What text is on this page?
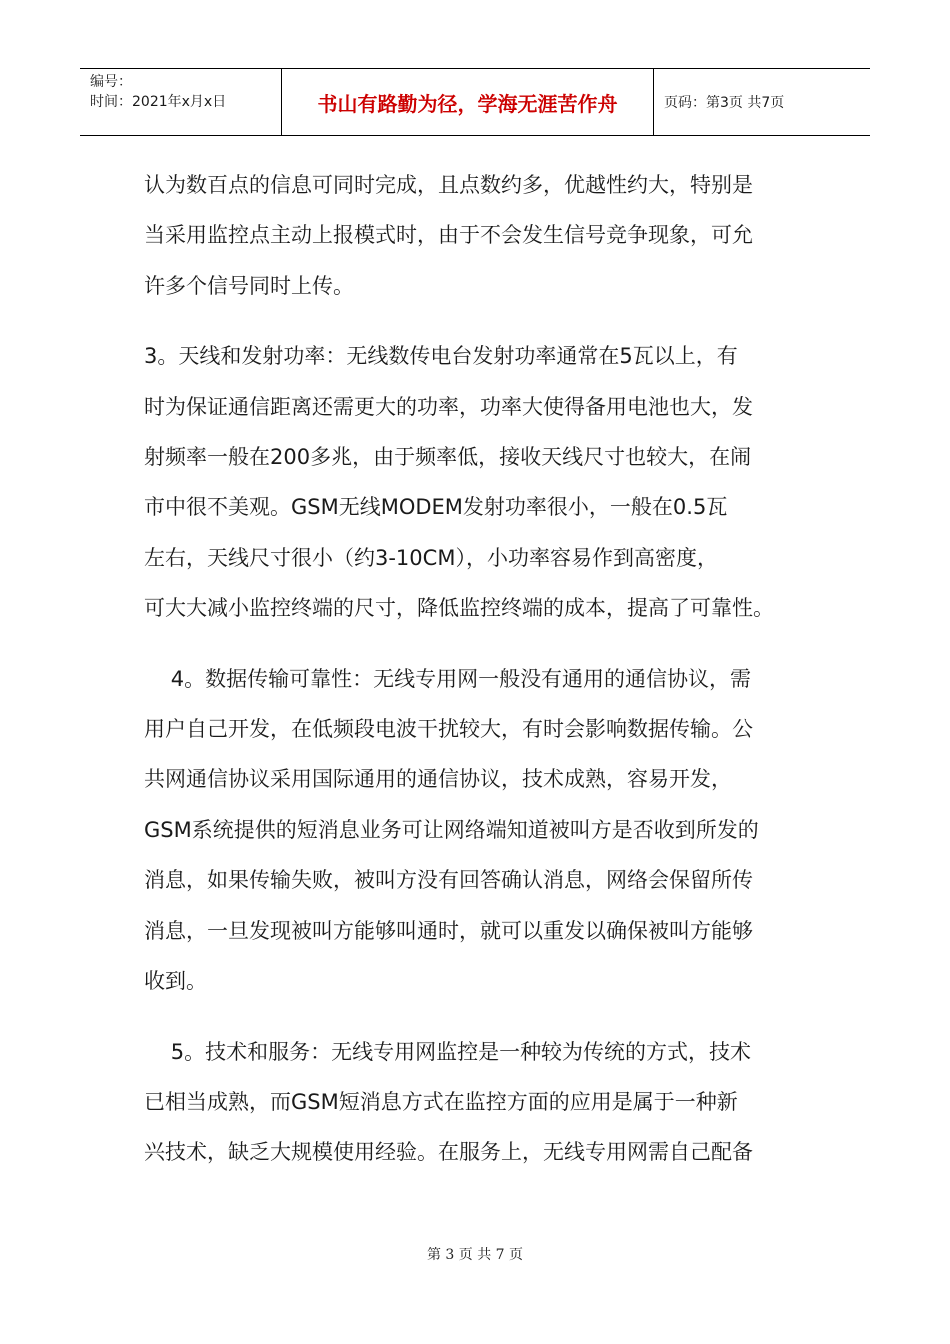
编号：
时间：2021年x月x日	书山有路勤为径，学海无涯苦作舟	页码：第3页 共7页

认为数百点的信息可同时完成，且点数约多，优越性约大，特别是
当采用监控点主动上报模式时，由于不会发生信号竞争现象，可允
许多个信号同时上传。

3。天线和发射功率：无线数传电台发射功率通常在5瓦以上，有
时为保证通信距离还需更大的功率，功率大使得备用电池也大，发
射频率一般在200多兆，由于频率低，接收天线尺寸也较大，在闹
市中很不美观。GSM无线MODEM发射功率很小，一般在0.5瓦
左右，天线尺寸很小（约3-10CM），小功率容易作到高密度，
可大大减小监控终端的尺寸，降低监控终端的成本，提高了可靠性。

4。数据传输可靠性：无线专用网一般没有通用的通信协议，需
用户自己开发，在低频段电波干扰较大，有时会影响数据传输。公
共网通信协议采用国际通用的通信协议，技术成熟，容易开发，
GSM系统提供的短消息业务可让网络端知道被叫方是否收到所发的
消息，如果传输失败，被叫方没有回答确认消息，网络会保留所传
消息，一旦发现被叫方能够叫通时，就可以重发以确保被叫方能够
收到。

5。技术和服务：无线专用网监控是一种较为传统的方式，技术
已相当成熟，而GSM短消息方式在监控方面的应用是属于一种新
兴技术，缺乏大规模使用经验。在服务上，无线专用网需自己配备

第 3 页 共 7 页
